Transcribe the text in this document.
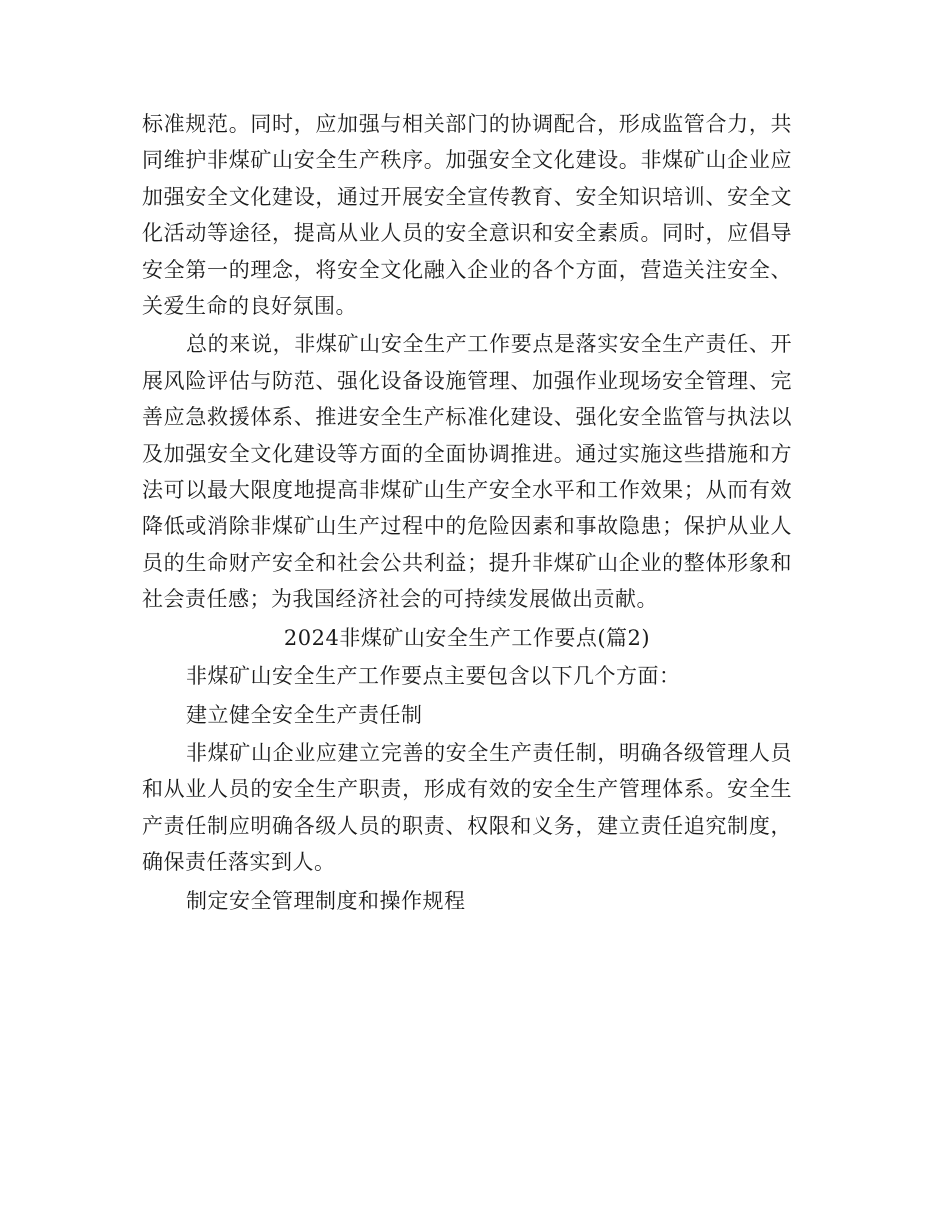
标准规范。同时，应加强与相关部门的协调配合，形成监管合力，共同维护非煤矿山安全生产秩序。加强安全文化建设。非煤矿山企业应加强安全文化建设，通过开展安全宣传教育、安全知识培训、安全文化活动等途径，提高从业人员的安全意识和安全素质。同时，应倡导安全第一的理念，将安全文化融入企业的各个方面，营造关注安全、关爱生命的良好氛围。

总的来说，非煤矿山安全生产工作要点是落实安全生产责任、开展风险评估与防范、强化设备设施管理、加强作业现场安全管理、完善应急救援体系、推进安全生产标准化建设、强化安全监管与执法以及加强安全文化建设等方面的全面协调推进。通过实施这些措施和方法可以最大限度地提高非煤矿山生产安全水平和工作效果；从而有效降低或消除非煤矿山生产过程中的危险因素和事故隐患；保护从业人员的生命财产安全和社会公共利益；提升非煤矿山企业的整体形象和社会责任感；为我国经济社会的可持续发展做出贡献。

2024非煤矿山安全生产工作要点(篇2)

非煤矿山安全生产工作要点主要包含以下几个方面：

建立健全安全生产责任制

非煤矿山企业应建立完善的安全生产责任制，明确各级管理人员和从业人员的安全生产职责，形成有效的安全生产管理体系。安全生产责任制应明确各级人员的职责、权限和义务，建立责任追究制度，确保责任落实到人。

制定安全管理制度和操作规程
